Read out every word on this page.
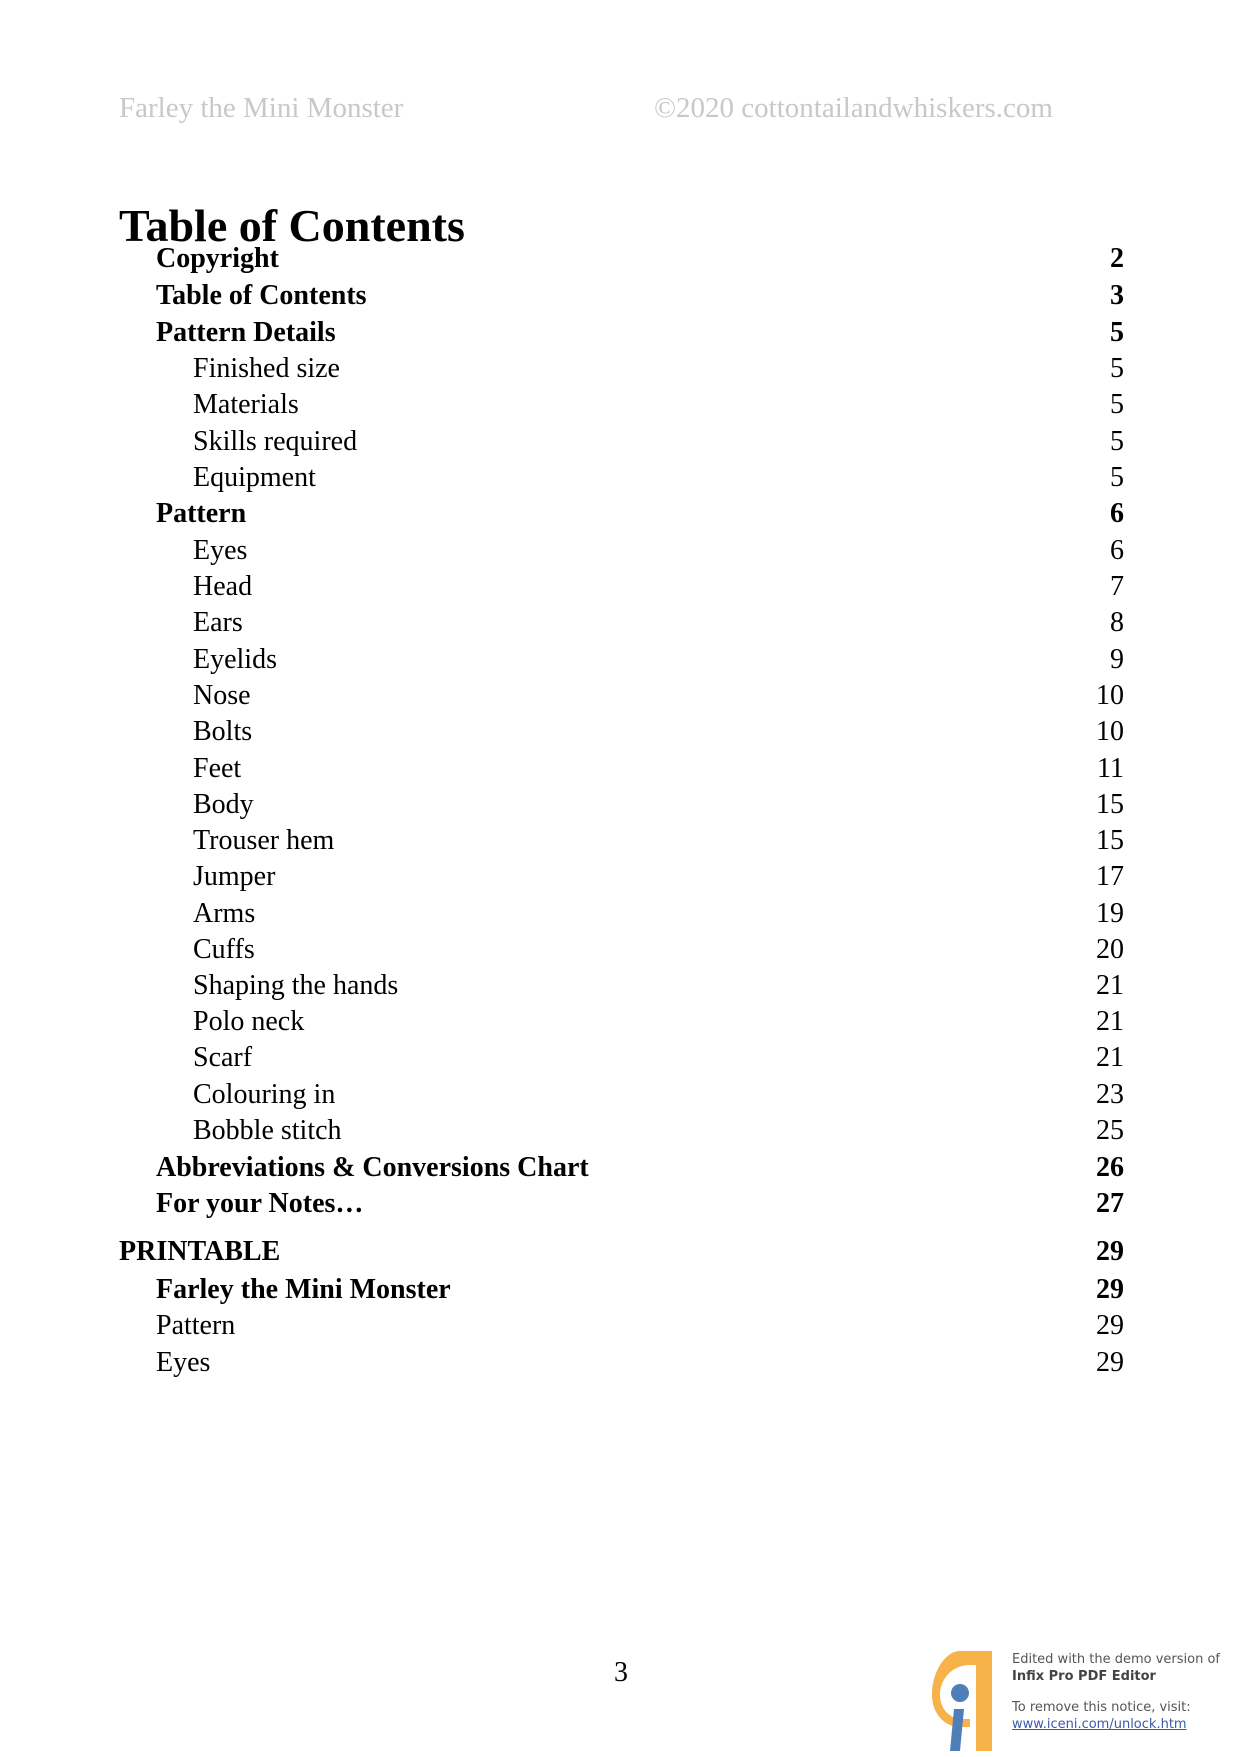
Farley the Mini Monster	©2020 cottontailandwhiskers.com
Table of Contents
Copyright	2
Table of Contents	3
Pattern Details	5
Finished size	5
Materials	5
Skills required	5
Equipment	5
Pattern	6
Eyes	6
Head	7
Ears	8
Eyelids	9
Nose	10
Bolts	10
Feet	11
Body	15
Trouser hem	15
Jumper	17
Arms	19
Cuffs	20
Shaping the hands	21
Polo neck	21
Scarf	21
Colouring in	23
Bobble stitch	25
Abbreviations & Conversions Chart	26
For your Notes…	27
PRINTABLE	29
Farley the Mini Monster	29
Pattern	29
Eyes	29
3	Edited with the demo version of
Infix Pro PDF Editor
To remove this notice, visit:
www.iceni.com/unlock.htm
